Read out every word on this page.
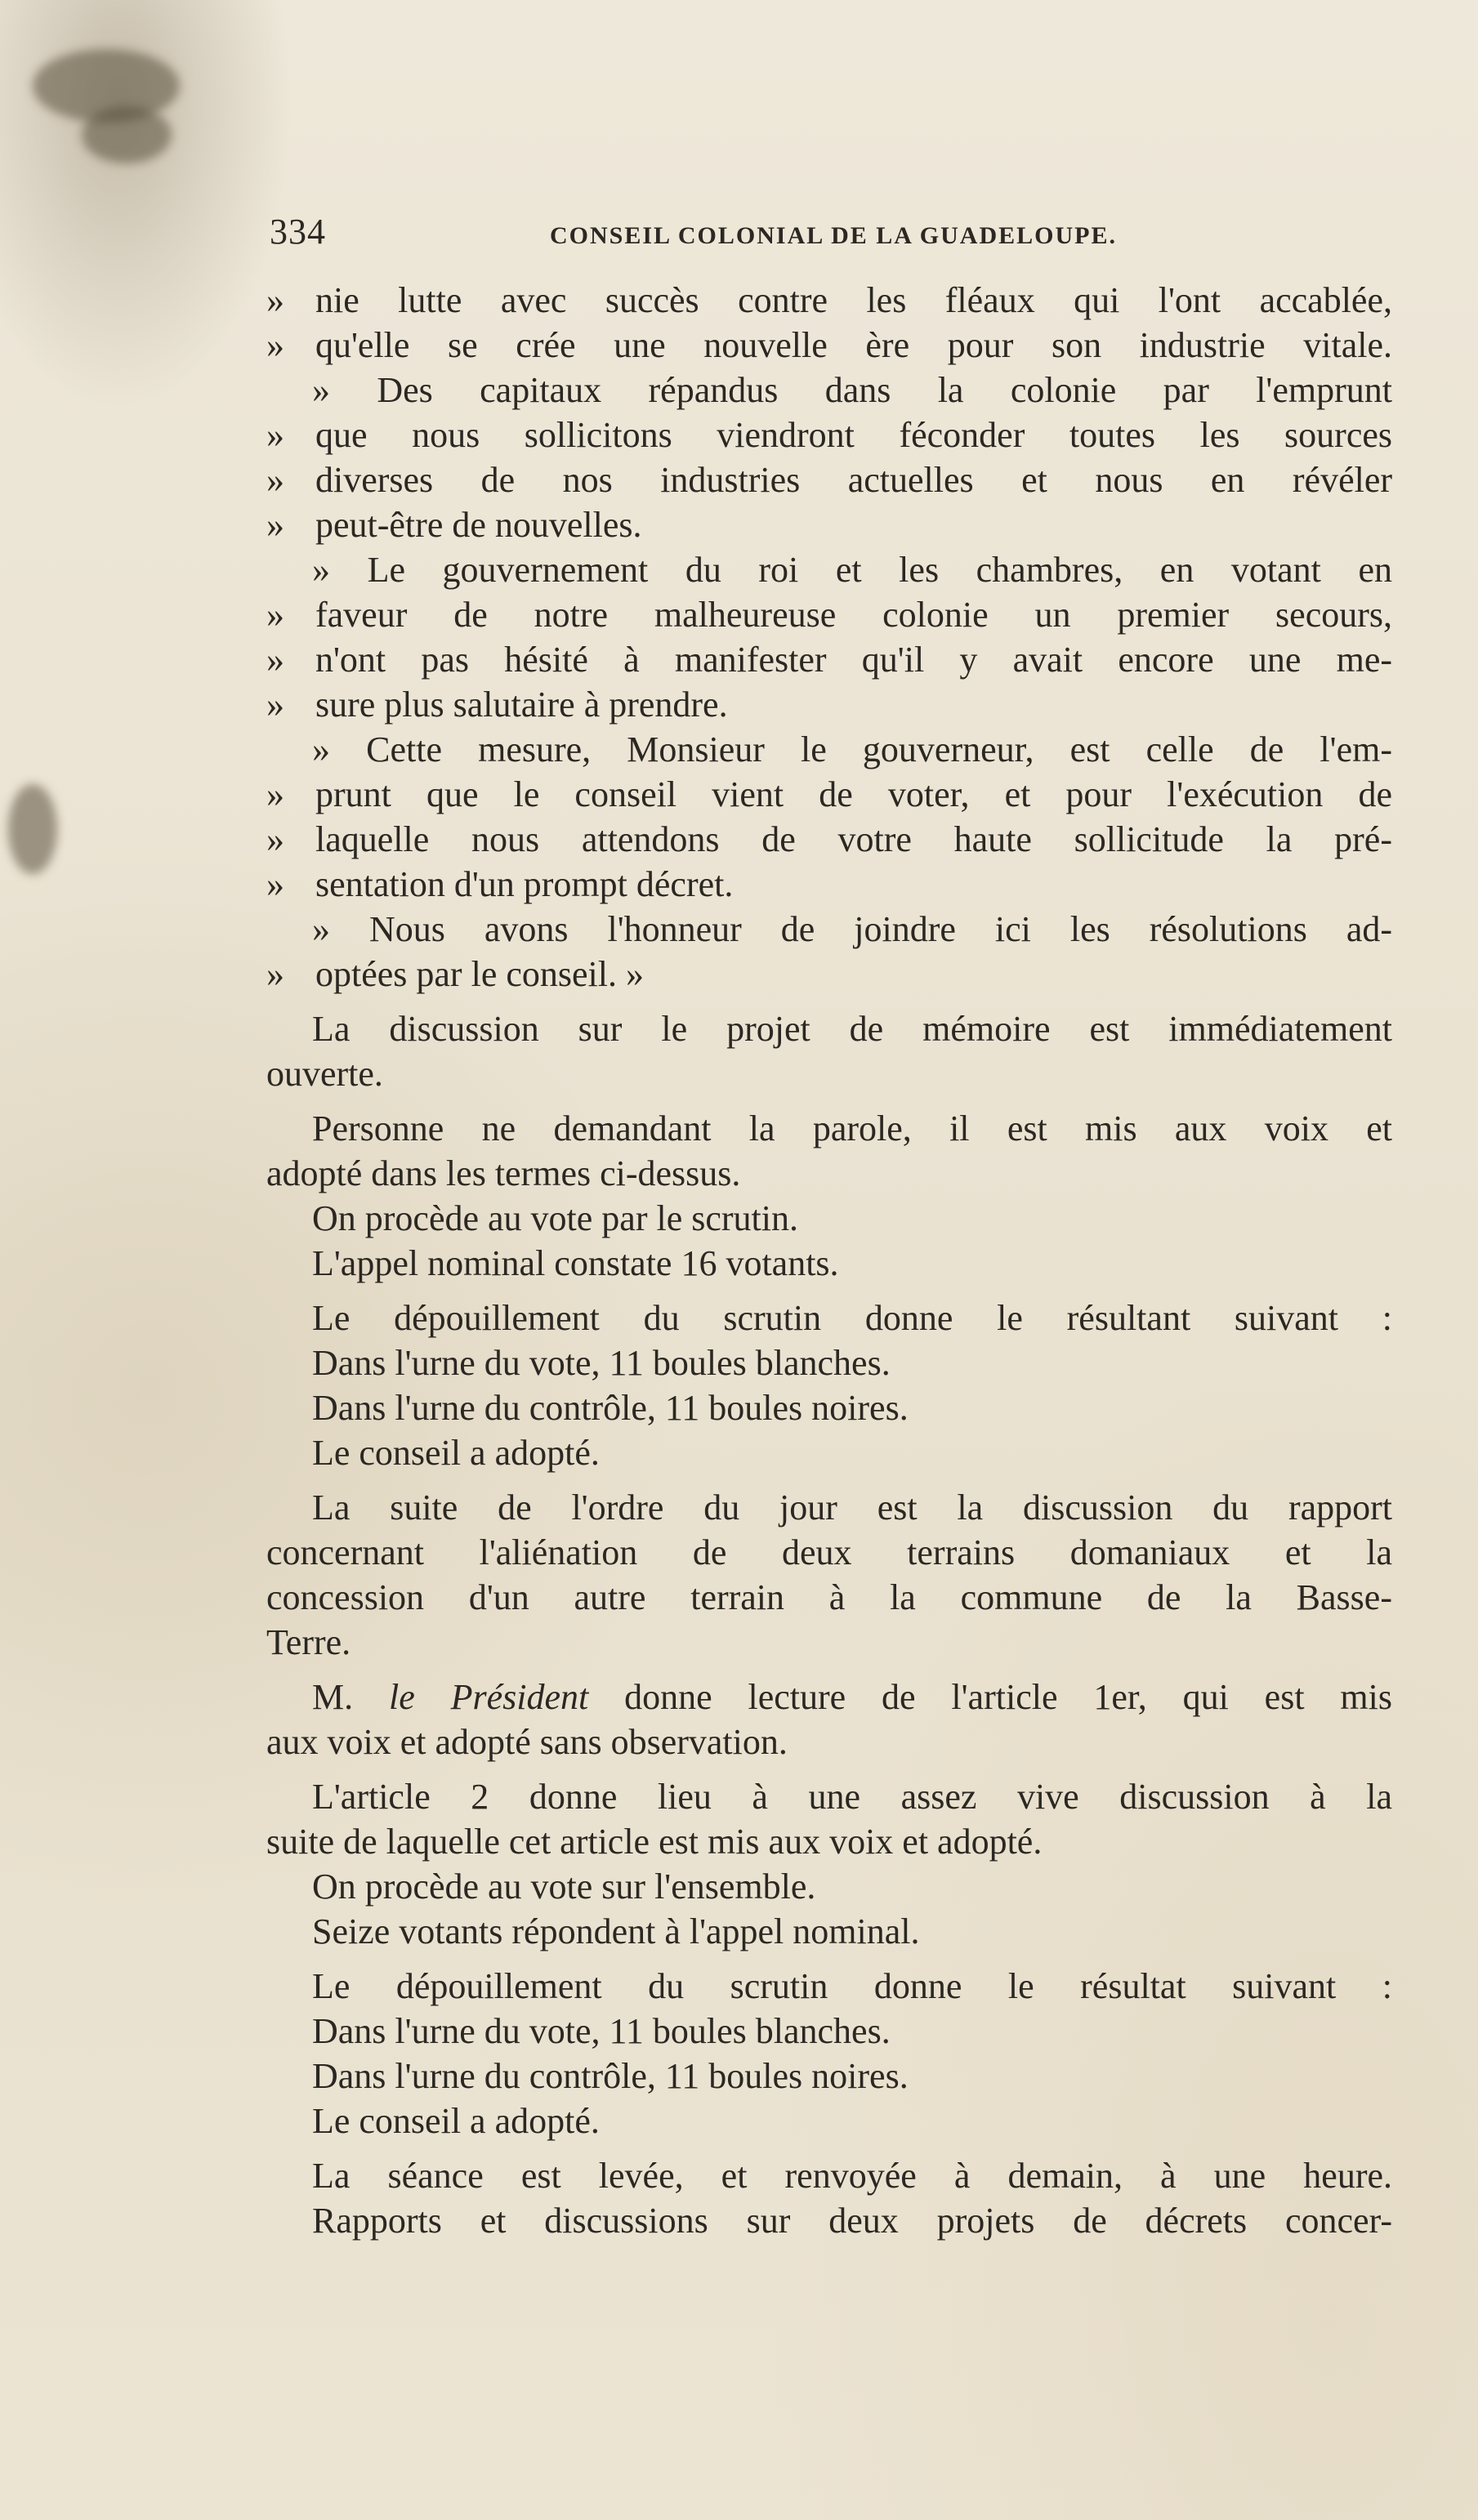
334	CONSEIL COLONIAL DE LA GUADELOUPE.
» nie lutte avec succès contre les fléaux qui l'ont accablée,
» qu'elle se crée une nouvelle ère pour son industrie vitale.
» Des capitaux répandus dans la colonie par l'emprunt
» que nous sollicitons viendront féconder toutes les sources
» diverses de nos industries actuelles et nous en révéler
» peut-être de nouvelles.
» Le gouvernement du roi et les chambres, en votant en
» faveur de notre malheureuse colonie un premier secours,
» n'ont pas hésité à manifester qu'il y avait encore une me-
» sure plus salutaire à prendre.
» Cette mesure, Monsieur le gouverneur, est celle de l'em-
» prunt que le conseil vient de voter, et pour l'exécution de
» laquelle nous attendons de votre haute sollicitude la pré-
» sentation d'un prompt décret.
» Nous avons l'honneur de joindre ici les résolutions ad-
» optées par le conseil. »
La discussion sur le projet de mémoire est immédiatement
ouverte.
Personne ne demandant la parole, il est mis aux voix et
adopté dans les termes ci-dessus.
On procède au vote par le scrutin.
L'appel nominal constate 16 votants.
Le dépouillement du scrutin donne le résultant suivant :
Dans l'urne du vote, 11 boules blanches.
Dans l'urne du contrôle, 11 boules noires.
Le conseil a adopté.
La suite de l'ordre du jour est la discussion du rapport
concernant l'aliénation de deux terrains domaniaux et la
concession d'un autre terrain à la commune de la Basse-
Terre.
M. le Président donne lecture de l'article 1er, qui est mis
aux voix et adopté sans observation.
L'article 2 donne lieu à une assez vive discussion à la
suite de laquelle cet article est mis aux voix et adopté.
On procède au vote sur l'ensemble.
Seize votants répondent à l'appel nominal.
Le dépouillement du scrutin donne le résultat suivant :
Dans l'urne du vote, 11 boules blanches.
Dans l'urne du contrôle, 11 boules noires.
Le conseil a adopté.
La séance est levée, et renvoyée à demain, à une heure.
Rapports et discussions sur deux projets de décrets concer-
